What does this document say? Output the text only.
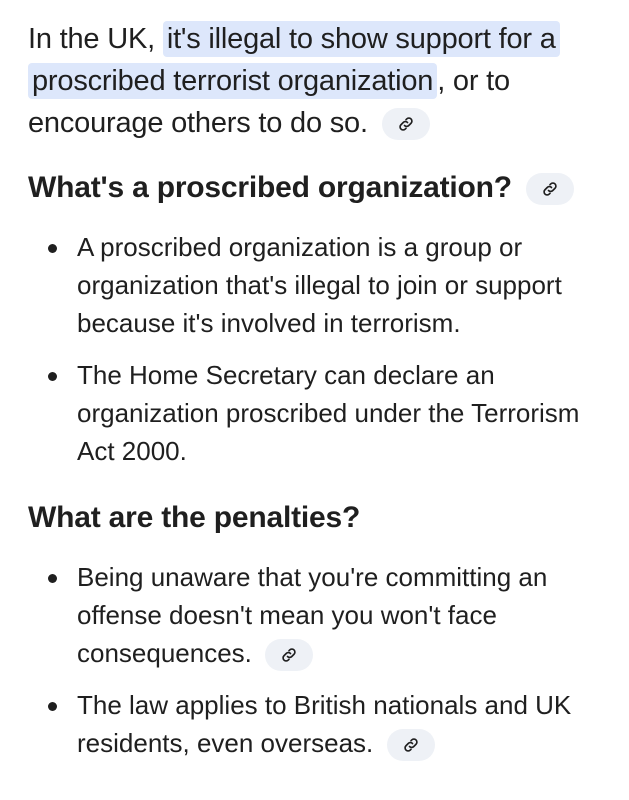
In the UK, it's illegal to show support for a proscribed terrorist organization , or to encourage others to do so.

What's a proscribed organization?
A proscribed organization is a group or organization that's illegal to join or support because it's involved in terrorism.
The Home Secretary can declare an organization proscribed under the Terrorism Act 2000.
What are the penalties?
Being unaware that you're committing an offense doesn't mean you won't face consequences.
The law applies to British nationals and UK residents, even overseas.
